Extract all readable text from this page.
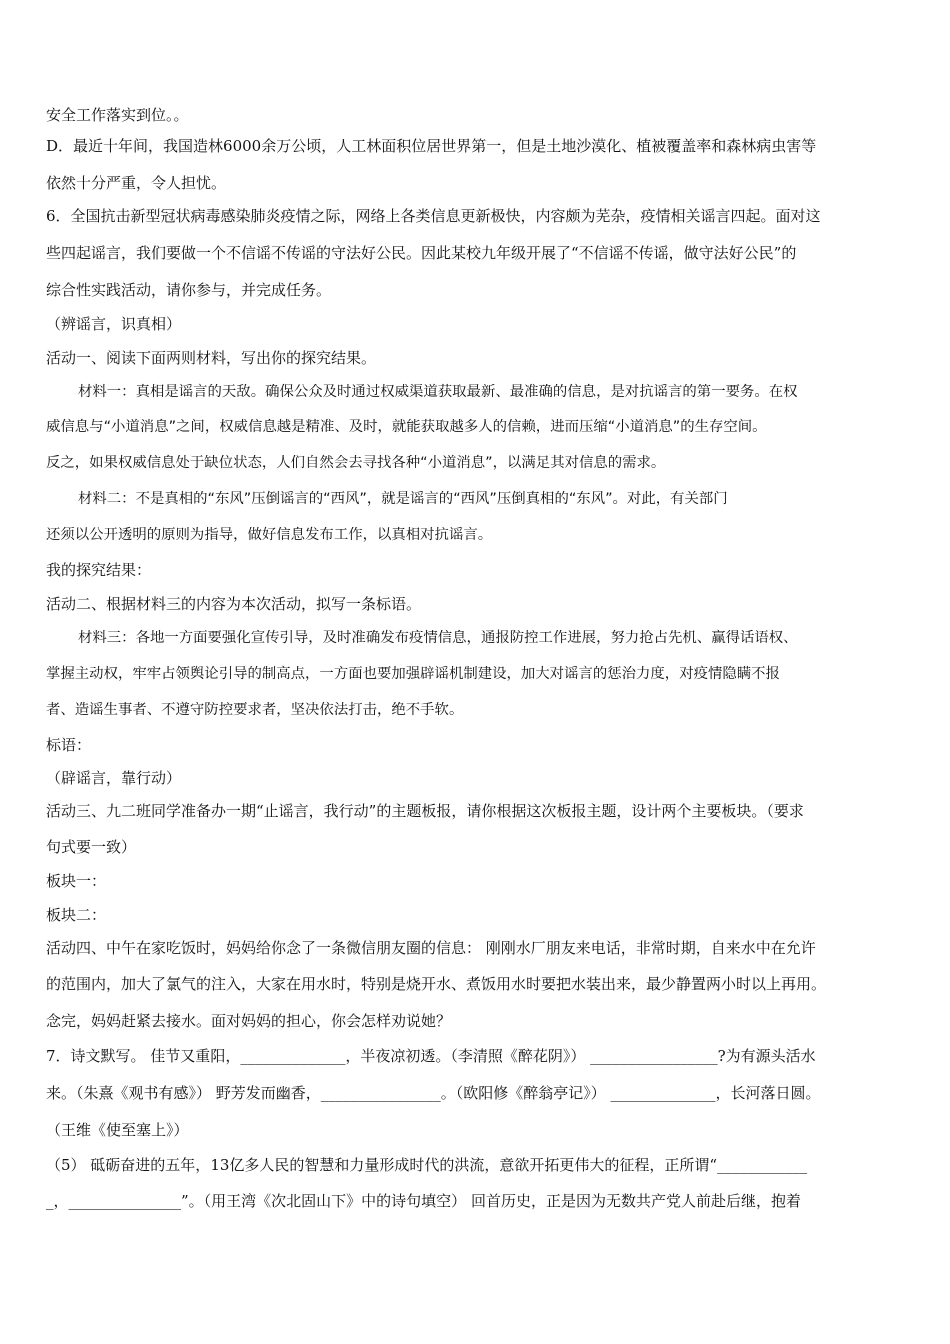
安全工作落实到位。。
D．最近十年间，我国造林6000余万公顷，人工林面积位居世界第一，但是土地沙漠化、植被覆盖率和森林病虫害等
依然十分严重，令人担忧。
6．全国抗击新型冠状病毒感染肺炎疫情之际，网络上各类信息更新极快，内容颇为芜杂，疫情相关谣言四起。面对这
些四起谣言，我们要做一个不信谣不传谣的守法好公民。因此某校九年级开展了“不信谣不传谣，做守法好公民”的
综合性实践活动，请你参与，并完成任务。
（辨谣言，识真相）
活动一、阅读下面两则材料，写出你的探究结果。
材料一：真相是谣言的天敌。确保公众及时通过权威渠道获取最新、最准确的信息，是对抗谣言的第一要务。在权
威信息与“小道消息”之间，权威信息越是精准、及时，就能获取越多人的信赖，进而压缩“小道消息”的生存空间。
反之，如果权威信息处于缺位状态，人们自然会去寻找各种“小道消息”，以满足其对信息的需求。
材料二：不是真相的“东风”压倒谣言的“西风”，就是谣言的“西风”压倒真相的“东风”。对此，有关部门
还须以公开透明的原则为指导，做好信息发布工作，以真相对抗谣言。
我的探究结果：
活动二、根据材料三的内容为本次活动，拟写一条标语。
材料三：各地一方面要强化宣传引导，及时准确发布疫情信息，通报防控工作进展，努力抢占先机、赢得话语权、
掌握主动权，牢牢占领舆论引导的制高点，一方面也要加强辟谣机制建设，加大对谣言的惩治力度，对疫情隐瞒不报
者、造谣生事者、不遵守防控要求者，坚决依法打击，绝不手软。
标语：
（辟谣言，靠行动）
活动三、九二班同学准备办一期“止谣言，我行动”的主题板报，请你根据这次板报主题，设计两个主要板块。（要求
句式要一致）
板块一：
板块二：
活动四、中午在家吃饭时，妈妈给你念了一条微信朋友圈的信息： 刚刚水厂朋友来电话，非常时期，自来水中在允许
的范围内，加大了氯气的注入，大家在用水时，特别是烧开水、煮饭用水时要把水装出来，最少静置两小时以上再用。
念完，妈妈赶紧去接水。面对妈妈的担心，你会怎样劝说她？
7．诗文默写。 佳节又重阳，______________，半夜凉初透。（李清照《醉花阴》） _________________?为有源头活水
来。（朱熹《观书有感》） 野芳发而幽香，________________。（欧阳修《醉翁亭记》） ______________，长河落日圆。
（王维《使至塞上》）
（5） 砥砺奋进的五年，13亿多人民的智慧和力量形成时代的洪流，意欲开拓更伟大的征程，正所谓“____________
_，_______________”。（用王湾《次北固山下》中的诗句填空） 回首历史，正是因为无数共产党人前赴后继，抱着
